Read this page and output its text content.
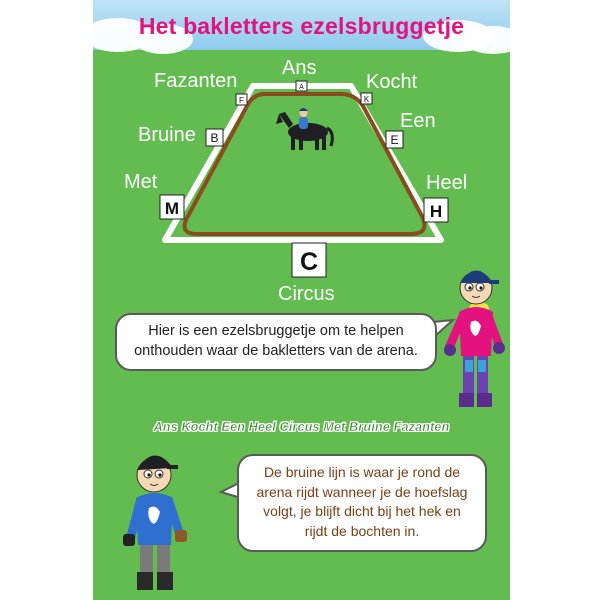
Het bakletters ezelsbruggetje
F
A
K
B	E
M	H
C
Ans
Fazanten	Kocht
Een
Bruine
Met	Heel
Circus
Hier is een ezelsbruggetje om te helpen
onthouden waar de bakletters van de arena.
Ans Kocht Een Heel Circus Met Bruine Fazanten
De bruine lijn is waar je rond de
arena rijdt wanneer je de hoefslag
volgt, je blijft dicht bij het hek en
rijdt de bochten in.
